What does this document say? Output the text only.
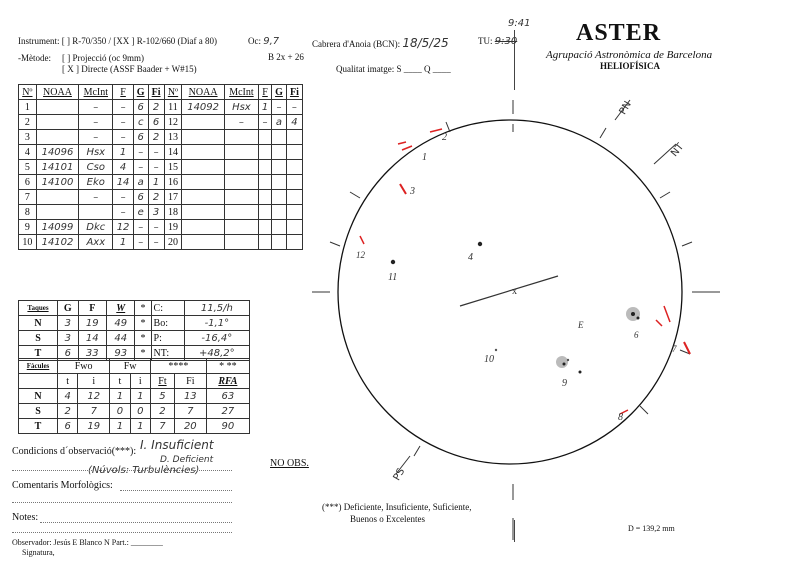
Instrument: [ ] R-70/350 / [XX ] R-102/660 (Diaf a 80)	Oc: 9,7
B 2x + 26
Cabrera d'Anoia (BCN): 18/5/25	TU: 9:30
9:41
-Mètode: [ ] Projecció (oc 9mm)
[ X ] Directe (ASSF Baader + W#15)	Qualitat imatge: S ____ Q ____
ASTER
Agrupació Astronòmica de Barcelona
HELIOFÍSICA
Nº	NOAA	McInt	F	G	Fi	Nº	NOAA	McInt	F	G	Fi
1		–	–	6	2	11	14092	Hsx	1	–	–
2		–	–	c	6	12		–	–	a	4
3		–	–	6	2	13					
4	14096	Hsx	1	–	–	14					
5	14101	Cso	4	–	–	15					
6	14100	Eko	14	a	1	16					
7		–	–	6	2	17					
8			–	e	3	18					
9	14099	Dkc	12	–	–	19					
10	14102	Axx	1	–	–	20					
Taques	G	F	W	*	C:	11,5/h
N	3	19	49	*	Bo:	-1,1°
S	3	14	44	*	P:	-16,4°
T	6	33	93	*	NT:	+48,2°
Fàcules	Fwo		Fw		****		* **
	t	i	t	i	Ft	Fi	RFA
N	4	12	1	1	5	13	63
S	2	7	0	0	2	7	27
T	6	19	1	1	7	20	90
Condicions d´observació(***): I. Insuficient
D. Deficient
(Núvols: Turbulències)
NO OBS.
Comentaris Morfològics:
Notes:
Observador: Jesús E Blanco N Part.: ________
Signatura,
(***) Deficiente, Insuficiente, Suficiente,
Buenos o Excelentes
D = 139,2 mm
PN
NT
PS
x
1
2
3
4
6
7
8
9
10
11
12
E
